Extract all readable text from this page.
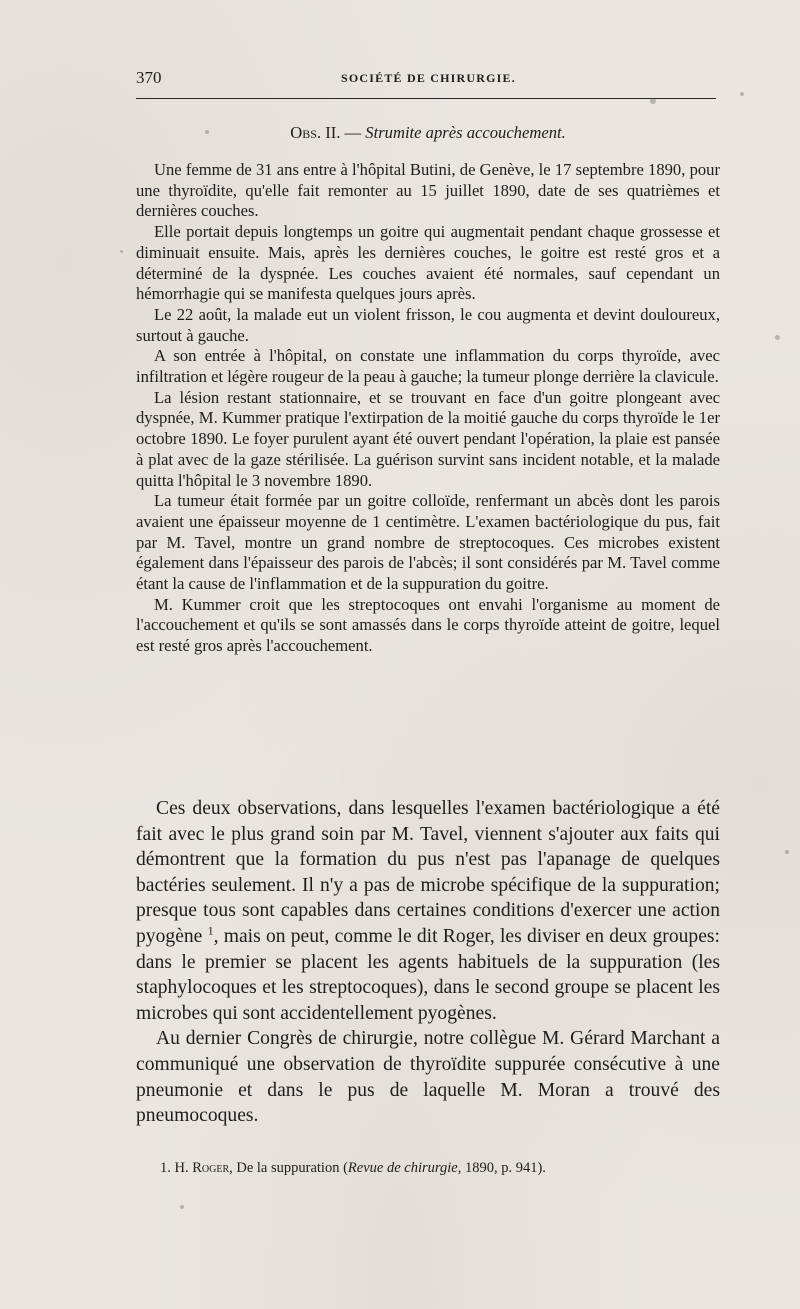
370	SOCIÉTÉ DE CHIRURGIE.
Obs. II. — Strumite après accouchement.

Une femme de 31 ans entre à l'hôpital Butini, de Genève, le 17 septembre 1890, pour une thyroïdite, qu'elle fait remonter au 15 juillet 1890, date de ses quatrièmes et dernières couches.

Elle portait depuis longtemps un goitre qui augmentait pendant chaque grossesse et diminuait ensuite. Mais, après les dernières couches, le goitre est resté gros et a déterminé de la dyspnée. Les couches avaient été normales, sauf cependant un hémorrhagie qui se manifesta quelques jours après.

Le 22 août, la malade eut un violent frisson, le cou augmenta et devint douloureux, surtout à gauche.

A son entrée à l'hôpital, on constate une inflammation du corps thyroïde, avec infiltration et légère rougeur de la peau à gauche; la tumeur plonge derrière la clavicule.

La lésion restant stationnaire, et se trouvant en face d'un goitre plongeant avec dyspnée, M. Kummer pratique l'extirpation de la moitié gauche du corps thyroïde le 1er octobre 1890. Le foyer purulent ayant été ouvert pendant l'opération, la plaie est pansée à plat avec de la gaze stérilisée. La guérison survint sans incident notable, et la malade quitta l'hôpital le 3 novembre 1890.

La tumeur était formée par un goitre colloïde, renfermant un abcès dont les parois avaient une épaisseur moyenne de 1 centimètre. L'examen bactériologique du pus, fait par M. Tavel, montre un grand nombre de streptocoques. Ces microbes existent également dans l'épaisseur des parois de l'abcès; il sont considérés par M. Tavel comme étant la cause de l'inflammation et de la suppuration du goitre.

M. Kummer croit que les streptocoques ont envahi l'organisme au moment de l'accouchement et qu'ils se sont amassés dans le corps thyroïde atteint de goitre, lequel est resté gros après l'accouchement.

Ces deux observations, dans lesquelles l'examen bactériologique a été fait avec le plus grand soin par M. Tavel, viennent s'ajouter aux faits qui démontrent que la formation du pus n'est pas l'apanage de quelques bactéries seulement. Il n'y a pas de microbe spécifique de la suppuration; presque tous sont capables dans certaines conditions d'exercer une action pyogène $^1$, mais on peut, comme le dit Roger, les diviser en deux groupes: dans le premier se placent les agents habituels de la suppuration (les staphylocoques et les streptocoques), dans le second groupe se placent les microbes qui sont accidentellement pyogènes.

Au dernier Congrès de chirurgie, notre collègue M. Gérard Marchant a communiqué une observation de thyroïdite suppurée consécutive à une pneumonie et dans le pus de laquelle M. Moran a trouvé des pneumocoques.

1. H. Roger, De la suppuration (Revue de chirurgie, 1890, p. 941).
